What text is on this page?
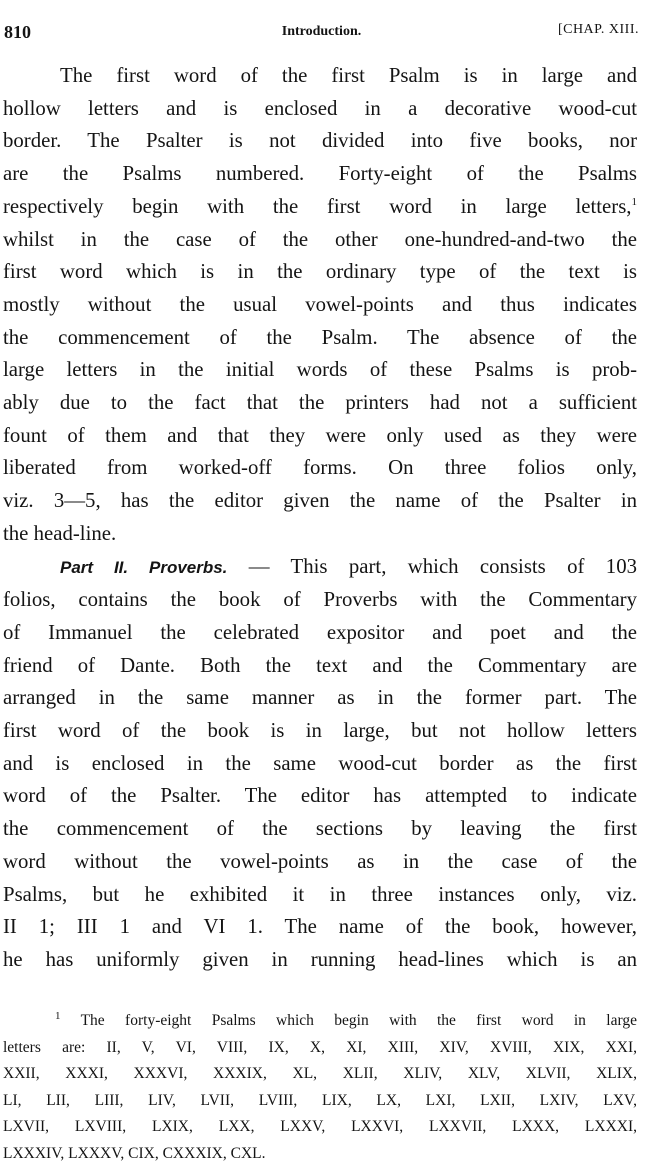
810	Introduction.	[CHAP. XIII.
The first word of the first Psalm is in large and
hollow letters and is enclosed in a decorative wood-cut
border. The Psalter is not divided into five books, nor
are the Psalms numbered. Forty-eight of the Psalms
respectively begin with the first word in large letters,$^1$
whilst in the case of the other one-hundred-and-two the
first word which is in the ordinary type of the text is
mostly without the usual vowel-points and thus indicates
the commencement of the Psalm. The absence of the
large letters in the initial words of these Psalms is prob-
ably due to the fact that the printers had not a sufficient
fount of them and that they were only used as they were
liberated from worked-off forms. On three folios only,
viz. 3—5, has the editor given the name of the Psalter in
the head-line.
Part II. Proverbs. — This part, which consists of 103
folios, contains the book of Proverbs with the Commentary
of Immanuel the celebrated expositor and poet and the
friend of Dante. Both the text and the Commentary are
arranged in the same manner as in the former part. The
first word of the book is in large, but not hollow letters
and is enclosed in the same wood-cut border as the first
word of the Psalter. The editor has attempted to indicate
the commencement of the sections by leaving the first
word without the vowel-points as in the case of the
Psalms, but he exhibited it in three instances only, viz.
II 1; III 1 and VI 1. The name of the book, however,
he has uniformly given in running head-lines which is an
$^1$ The forty-eight Psalms which begin with the first word in large
letters are: II, V, VI, VIII, IX, X, XI, XIII, XIV, XVIII, XIX, XXI,
XXII, XXXI, XXXVI, XXXIX, XL, XLII, XLIV, XLV, XLVII, XLIX,
LI, LII, LIII, LIV, LVII, LVIII, LIX, LX, LXI, LXII, LXIV, LXV,
LXVII, LXVIII, LXIX, LXX, LXXV, LXXVI, LXXVII, LXXX, LXXXI,
LXXXIV, LXXXV, CIX, CXXXIX, CXL.
